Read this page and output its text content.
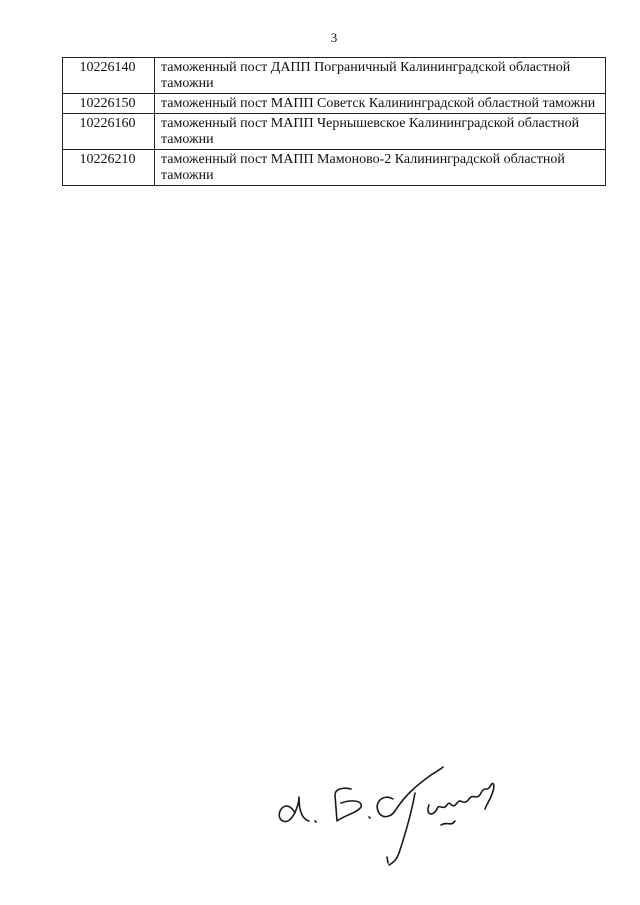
3
10226140	таможенный пост ДАПП Пограничный Калининградской областной таможни
10226150	таможенный пост МАПП Советск Калининградской областной таможни
10226160	таможенный пост МАПП Чернышевское Калининградской областной таможни
10226210	таможенный пост МАПП Мамоново-2 Калининградской областной таможни
